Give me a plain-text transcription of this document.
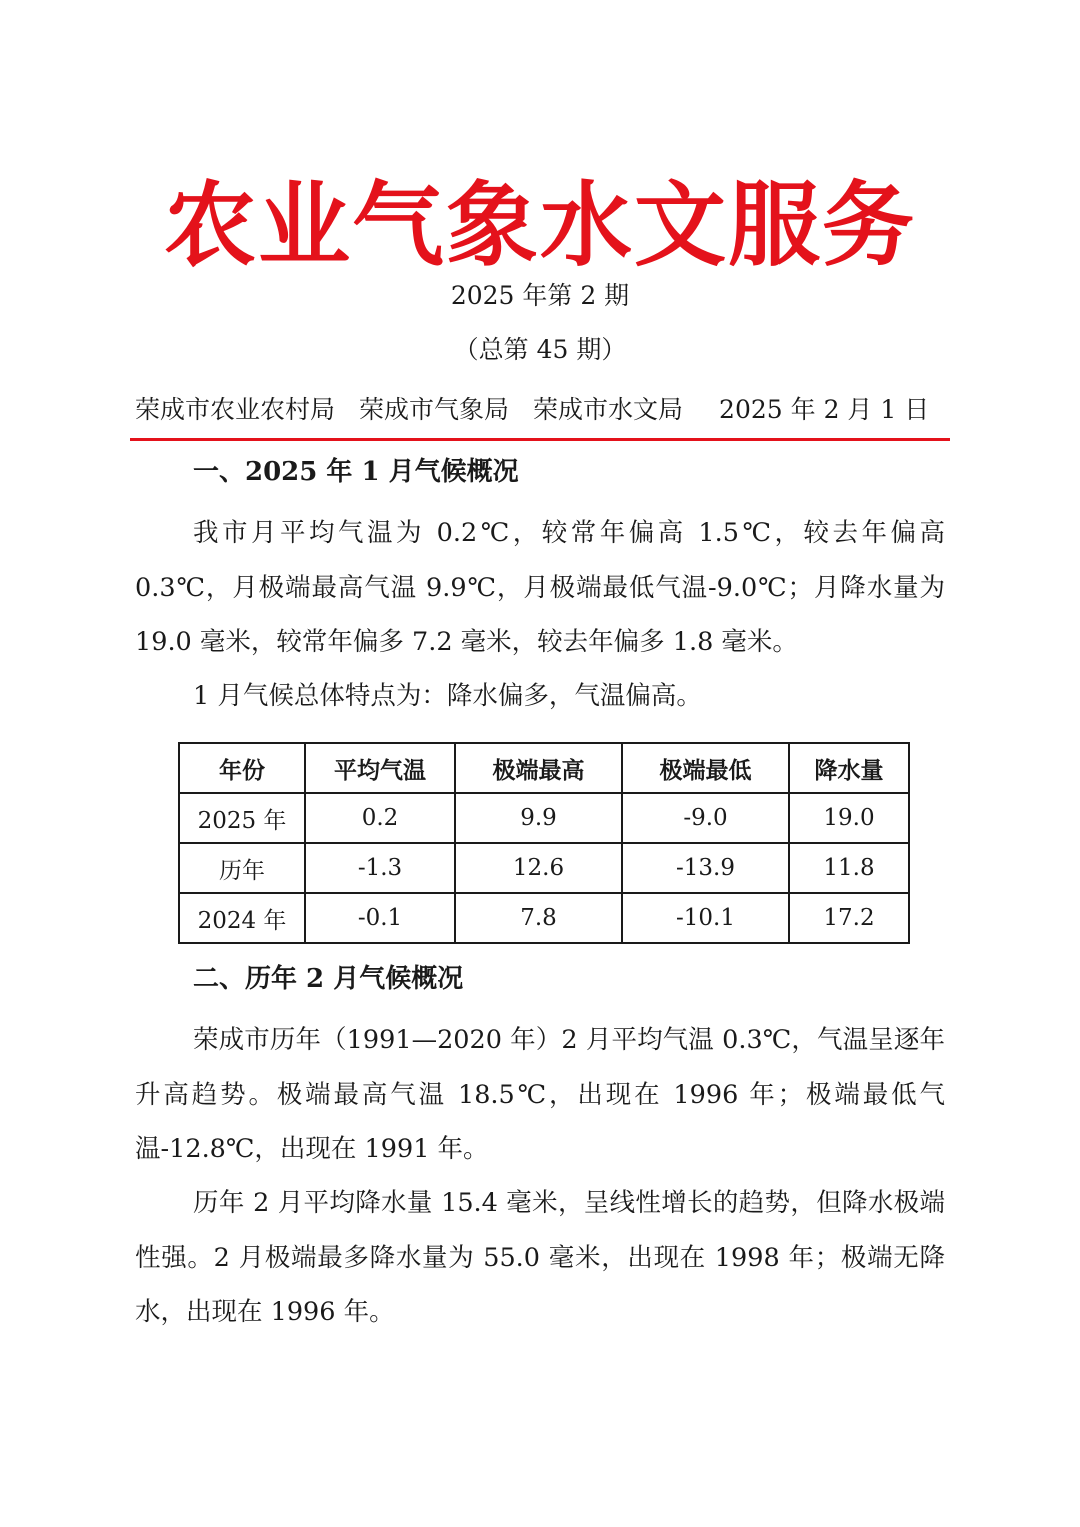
农业气象水文服务
2025 年第 2 期
（总第 45 期）
荣成市农业农村局 荣成市气象局 荣成市水文局 2025 年 2 月 1 日
一、2025 年 1 月气候概况

我市月平均气温为 0.2℃，较常年偏高 1.5℃，较去年偏高 0.3℃，月极端最高气温 9.9℃，月极端最低气温-9.0℃；月降水量为 19.0 毫米，较常年偏多 7.2 毫米，较去年偏多 1.8 毫米。

1 月气候总体特点为：降水偏多，气温偏高。

年份	平均气温	极端最高	极端最低	降水量
2025 年	0.2	9.9	-9.0	19.0
历年	-1.3	12.6	-13.9	11.8
2024 年	-0.1	7.8	-10.1	17.2
二、历年 2 月气候概况

荣成市历年（1991—2020 年）2 月平均气温 0.3℃，气温呈逐年升高趋势。极端最高气温 18.5℃，出现在 1996 年；极端最低气温-12.8℃，出现在 1991 年。

历年 2 月平均降水量 15.4 毫米，呈线性增长的趋势，但降水极端性强。2 月极端最多降水量为 55.0 毫米，出现在 1998 年；极端无降水，出现在 1996 年。
